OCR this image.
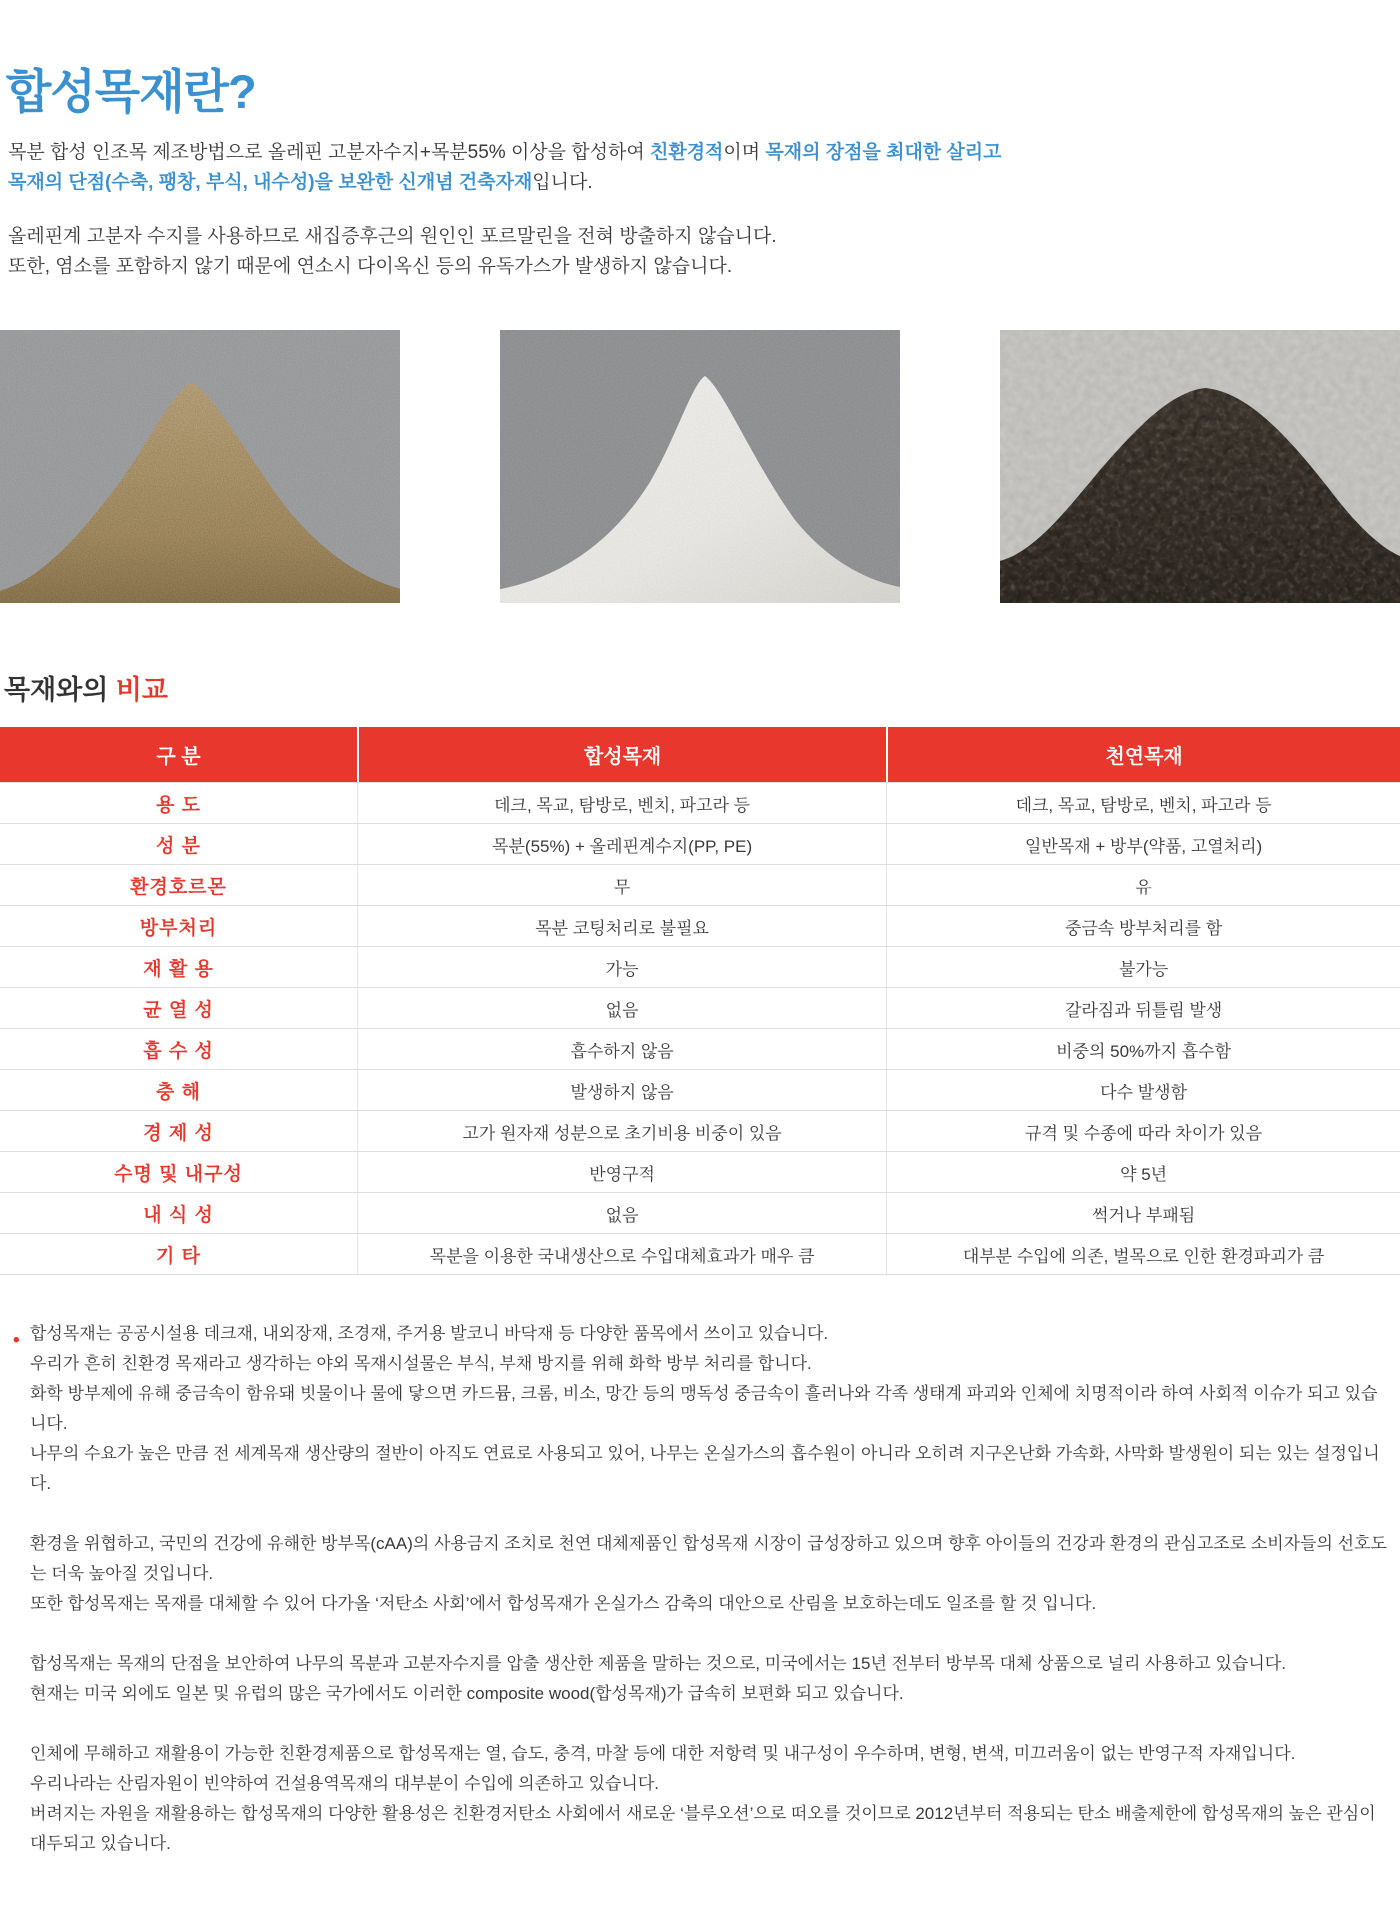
합성목재란?

목분 합성 인조목 제조방법으로 올레핀 고분자수지+목분55% 이상을 합성하여 친환경적이며 목재의 장점을 최대한 살리고
목재의 단점(수축, 팽창, 부식, 내수성)을 보완한 신개념 건축자재입니다.

올레핀계 고분자 수지를 사용하므로 새집증후근의 원인인 포르말린을 전혀 방출하지 않습니다.
또한, 염소를 포함하지 않기 때문에 연소시 다이옥신 등의 유독가스가 발생하지 않습니다.

목재와의 비교
구 분	합성목재	천연목재
용 도	데크, 목교, 탐방로, 벤치, 파고라 등	데크, 목교, 탐방로, 벤치, 파고라 등
성 분	목분(55%) + 올레핀계수지(PP, PE)	일반목재 + 방부(약품, 고열처리)
환경호르몬	무	유
방부처리	목분 코팅처리로 불필요	중금속 방부처리를 함
재 활 용	가능	불가능
균 열 성	없음	갈라짐과 뒤틀림 발생
흡 수 성	흡수하지 않음	비중의 50%까지 흡수함
충 해	발생하지 않음	다수 발생함
경 제 성	고가 원자재 성분으로 초기비용 비중이 있음	규격 및 수종에 따라 차이가 있음
수명 및 내구성	반영구적	약 5년
내 식 성	없음	썩거나 부패됨
기 타	목분을 이용한 국내생산으로 수입대체효과가 매우 큼	대부분 수입에 의존, 벌목으로 인한 환경파괴가 큼
• 합성목재는 공공시설용 데크재, 내외장재, 조경재, 주거용 발코니 바닥재 등 다양한 품목에서 쓰이고 있습니다.

우리가 흔히 친환경 목재라고 생각하는 야외 목재시설물은 부식, 부채 방지를 위해 화학 방부 처리를 합니다.

화학 방부제에 유해 중금속이 함유돼 빗물이나 물에 닿으면 카드뮴, 크롬, 비소, 망간 등의 맹독성 중금속이 흘러나와 각족 생태계 파괴와 인체에 치명적이라 하여 사회적 이슈가 되고 있습니다.

나무의 수요가 높은 만큼 전 세계목재 생산량의 절반이 아직도 연료로 사용되고 있어, 나무는 온실가스의 흡수원이 아니라 오히려 지구온난화 가속화, 사막화 발생원이 되는 있는 설정입니다.

환경을 위협하고, 국민의 건강에 유해한 방부목(cAA)의 사용금지 조치로 천연 대체제품인 합성목재 시장이 급성장하고 있으며 향후 아이들의 건강과 환경의 관심고조로 소비자들의 선호도는 더욱 높아질 것입니다.

또한 합성목재는 목재를 대체할 수 있어 다가올 ‘저탄소 사회’에서 합성목재가 온실가스 감축의 대안으로 산림을 보호하는데도 일조를 할 것 입니다.

합성목재는 목재의 단점을 보안하여 나무의 목분과 고분자수지를 압출 생산한 제품을 말하는 것으로, 미국에서는 15년 전부터 방부목 대체 상품으로 널리 사용하고 있습니다.

현재는 미국 외에도 일본 및 유럽의 많은 국가에서도 이러한 composite wood(합성목재)가 급속히 보편화 되고 있습니다.

인체에 무해하고 재활용이 가능한 친환경제품으로 합성목재는 열, 습도, 충격, 마찰 등에 대한 저항력 및 내구성이 우수하며, 변형, 변색, 미끄러움이 없는 반영구적 자재입니다.

우리나라는 산림자원이 빈약하여 건설용역목재의 대부분이 수입에 의존하고 있습니다.

버려지는 자원을 재활용하는 합성목재의 다양한 활용성은 친환경저탄소 사회에서 새로운 ‘블루오션’으로 떠오를 것이므로 2012년부터 적용되는 탄소 배출제한에 합성목재의 높은 관심이 대두되고 있습니다.
